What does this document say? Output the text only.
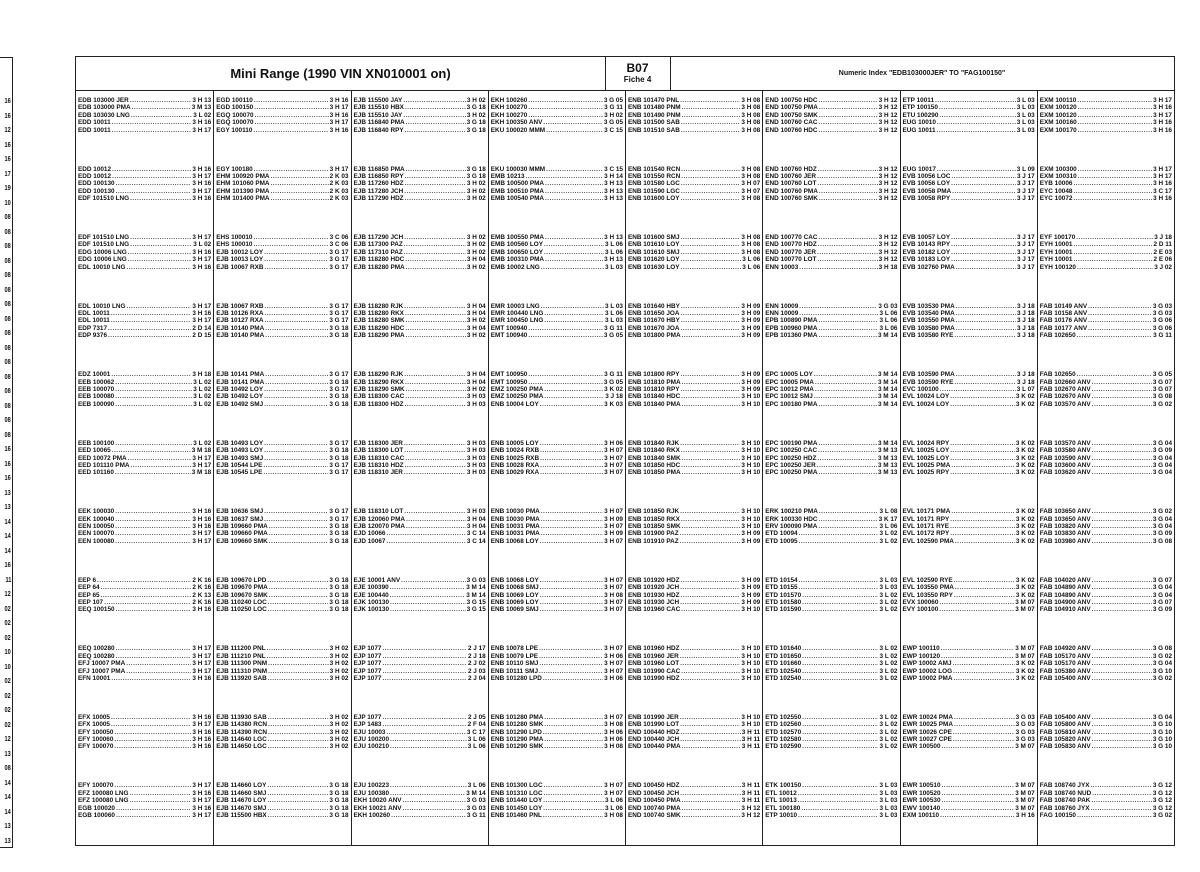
16
16
12
16
16
17
19
10
08
08
08
08
08
08
08
08
08
08
08
08
08
08
08
08
16
16
16
13
13
14
14
14
16
11
12
02
02
02
10
10
02
02
02
02
12
13
08
14
14
14
13
13
Mini Range (1990 VIN XN010001 on)	B07
Fiche 4
Numeric Index "EDB103000JER" TO "FAG100150"
EDB 103000 JER .....	3 H 13
EDB 103000 PMA .....	3 M 13
EDB 103030 LNG .....	3 L 02
EDD 10011 .....	3 H 16
EDD 10011 .....	3 H 17
EDD 10012 .....	3 H 16
EDD 10012 .....	3 H 17
EDD 100130 .....	3 H 16
EDD 100130 .....	3 H 17
EDF 101510 LNG .....	3 H 16
EDF 101510 LNG .....	3 H 17
EDF 101510 LNG .....	3 L 02
EDG 10006 LNG .....	3 H 16
EDG 10006 LNG .....	3 H 17
EDL 10010 LNG .....	3 H 16
EDL 10010 LNG .....	3 H 17
EDL 10011 .....	3 H 16
EDL 10011 .....	3 H 17
EDP 7317 .....	2 D 14
EDP 9376 .....	2 D 15
EDZ 10001 .....	3 H 18
EEB 100062 .....	3 L 02
EEB 100070 .....	3 L 02
EEB 100080 .....	3 L 02
EEB 100090 .....	3 L 02
EEB 100100 .....	3 L 02
EED 10065 .....	3 M 18
EED 10072 PMA .....	3 H 17
EED 101110 PMA .....	3 H 17
EED 101160 .....	3 M 18
EEK 100030 .....	3 H 16
EEK 100040 .....	3 H 16
EEN 100050 .....	3 H 16
EEN 100070 .....	3 H 17
EEN 100080 .....	3 H 17
EEP 6 .....	2 K 16
EEP 64 .....	2 K 16
EEP 65 .....	2 K 13
EEP 107 .....	2 K 16
EEQ 100150 .....	3 H 16
EEQ 100280 .....	3 H 17
EEQ 100280 .....	3 H 17
EFJ 10007 PMA .....	3 H 17
EFJ 10007 PMA .....	3 H 17
EFN 10001 .....	3 H 16
EFX 10005 .....	3 H 16
EFX 10005 .....	3 H 17
EFY 100050 .....	3 H 16
EFY 100060 .....	3 H 16
EFY 100070 .....	3 H 16
EFY 100070 .....	3 H 17
EFZ 100080 LNG .....	3 H 16
EFZ 100080 LNG .....	3 H 17
EGB 100020 .....	3 H 16
EGB 100060 .....	3 H 17
EGD 100110 .....	3 H 16
EGD 100150 .....	3 H 17
EGQ 100070 .....	3 H 16
EGQ 100070 .....	3 H 17
EGY 100110 .....	3 H 16
EGY 100180 .....	3 H 17
EHM 100920 PMA .....	2 K 03
EHM 101060 PMA .....	2 K 03
EHM 101390 PMA .....	2 K 03
EHM 101400 PMA .....	2 K 03
EHS 100010 .....	3 C 06
EHS 100010 .....	3 C 06
EJB 10012 LOY .....	3 G 17
EJB 10013 LOY .....	3 G 17
EJB 10067 RXB .....	3 G 17
EJB 10067 RXB .....	3 G 17
EJB 10126 RXA .....	3 G 17
EJB 10127 RXA .....	3 G 17
EJB 10140 PMA .....	3 G 18
EJB 10140 PMA .....	3 G 18
EJB 10141 PMA .....	3 G 17
EJB 10141 PMA .....	3 G 18
EJB 10492 LOY .....	3 G 17
EJB 10492 LOY .....	3 G 18
EJB 10492 SMJ .....	3 G 18
EJB 10493 LOY .....	3 G 17
EJB 10493 LOY .....	3 G 18
EJB 10493 SMJ .....	3 G 18
EJB 10544 LPE .....	3 G 17
EJB 10545 LPE .....	3 G 17
EJB 10636 SMJ .....	3 G 17
EJB 10637 SMJ .....	3 G 17
EJB 109660 PMA .....	3 G 18
EJB 109660 PMA .....	3 G 18
EJB 109660 SMK .....	3 G 18
EJB 109670 LPD .....	3 G 18
EJB 109670 PMA .....	3 G 18
EJB 109670 SMK .....	3 G 18
EJB 110240 LOC .....	3 G 18
EJB 110250 LOC .....	3 G 18
EJB 111200 PNL .....	3 H 02
EJB 111210 PNL .....	3 H 02
EJB 111300 PNM .....	3 H 02
EJB 111310 PNM .....	3 H 02
EJB 113920 SAB .....	3 H 02
EJB 113930 SAB .....	3 H 02
EJB 114380 RCN .....	3 H 02
EJB 114390 RCN .....	3 H 02
EJB 114640 LGC .....	3 H 02
EJB 114650 LGC .....	3 H 02
EJB 114660 LOY .....	3 G 18
EJB 114660 SMJ .....	3 G 18
EJB 114670 LOY .....	3 G 18
EJB 114670 SMJ .....	3 G 18
EJB 115500 HBX .....	3 G 18
EJB 115500 JAY .....	3 H 02
EJB 115510 HBX .....	3 G 18
EJB 115510 JAY .....	3 H 02
EJB 116840 PMA .....	3 G 18
EJB 116840 RPY .....	3 G 18
EJB 116850 PMA .....	3 G 18
EJB 116850 RPY .....	3 G 18
EJB 117260 HDZ .....	3 H 02
EJB 117280 JCH .....	3 H 02
EJB 117290 HDZ .....	3 H 02
EJB 117290 JCH .....	3 H 02
EJB 117300 PAZ .....	3 H 02
EJB 117310 PAZ .....	3 H 02
EJB 118280 HDC .....	3 H 04
EJB 118280 PMA .....	3 H 02
EJB 118280 RJK .....	3 H 04
EJB 118280 RKX .....	3 H 04
EJB 118280 SMK .....	3 H 02
EJB 118290 HDC .....	3 H 04
EJB 118290 PMA .....	3 H 02
EJB 118290 RJK .....	3 H 04
EJB 118290 RKX .....	3 H 04
EJB 118290 SMK .....	3 H 02
EJB 118300 CAC .....	3 H 03
EJB 118300 HDZ .....	3 H 03
EJB 118300 JER .....	3 H 03
EJB 118300 LOT .....	3 H 03
EJB 118310 CAC .....	3 H 03
EJB 118310 HDZ .....	3 H 03
EJB 118310 JER .....	3 H 03
EJB 118310 LOT .....	3 H 03
EJB 120060 PMA .....	3 H 04
EJB 120070 PMA .....	3 H 04
EJD 10066 .....	3 C 14
EJD 10067 .....	3 C 14
EJE 10001 ANV .....	3 G 03
EJE 100390 .....	3 M 14
EJE 100440 .....	3 M 14
EJK 100130 .....	3 G 15
EJK 100130 .....	3 G 15
EJP 1077 .....	2 J 17
EJP 1077 .....	2 J 18
EJP 1077 .....	2 J 02
EJP 1077 .....	2 J 03
EJP 1077 .....	2 J 04
EJP 1077 .....	2 J 05
EJP 1483 .....	2 F 04
EJU 10003 .....	3 C 17
EJU 100200 .....	3 L 06
EJU 100210 .....	3 L 06
EJU 100223 .....	3 L 06
EJU 100380 .....	3 M 14
EKH 10020 ANV .....	3 G 03
EKH 10021 ANV .....	3 G 03
EKH 100260 .....	3 G 11
EKH 100260 .....	3 G 05
EKH 100270 .....	3 G 11
EKH 100270 .....	3 H 02
EKH 100350 ANV .....	3 G 05
EKU 100020 MMM .....	3 C 15
EKU 100030 MMM .....	3 C 15
EMB 10213 .....	3 H 14
EMB 100500 PMA .....	3 H 13
EMB 100510 PMA .....	3 H 13
EMB 100540 PMA .....	3 H 13
EMB 100550 PMA .....	3 H 13
EMB 100560 LOY .....	3 L 06
EMB 100650 LOY .....	3 L 06
EMB 100310 PMA .....	3 H 13
EMB 10002 LNG .....	3 L 03
EMR 10003 LNG .....	3 L 03
EMR 100440 LNG .....	3 L 06
EMR 100450 LNG .....	3 L 03
EMT 100940 .....	3 G 11
EMT 100940 .....	3 G 05
EMT 100950 .....	3 G 11
EMT 100950 .....	3 G 05
EMZ 100250 PMA .....	3 K 02
EMZ 100250 PMA .....	3 J 18
ENB 10004 LOY .....	3 K 03
ENB 10005 LOY .....	3 H 06
ENB 10024 RXB .....	3 H 07
ENB 10025 RXB .....	3 H 07
ENB 10028 RXA .....	3 H 07
ENB 10029 RXA .....	3 H 07
ENB 10030 PMA .....	3 H 07
ENB 10030 PMA .....	3 H 09
ENB 10031 PMA .....	3 H 07
ENB 10031 PMA .....	3 H 09
ENB 10068 LOY .....	3 H 07
ENB 10068 LOY .....	3 H 07
ENB 10068 SMJ .....	3 H 07
ENB 10069 LOY .....	3 H 08
ENB 10069 LOY .....	3 H 07
ENB 10069 SMJ .....	3 H 07
ENB 10078 LPE .....	3 H 07
ENB 10079 LPE .....	3 H 06
ENB 10110 SMJ .....	3 H 07
ENB 10111 SMJ .....	3 H 07
ENB 101280 LPD .....	3 H 06
ENB 101280 PMA .....	3 H 07
ENB 101280 SMK .....	3 H 08
ENB 101290 LPD .....	3 H 06
ENB 101290 PMA .....	3 H 06
ENB 101290 SMK .....	3 H 08
ENB 101300 LGC .....	3 H 07
ENB 101310 LGC .....	3 H 07
ENB 101440 LOY .....	3 L 06
ENB 101450 LOY .....	3 L 06
ENB 101460 PNL .....	3 H 08
ENB 101470 PNL .....	3 H 08
ENB 101480 PNM .....	3 H 08
ENB 101490 PNM .....	3 H 08
ENB 101500 SAB .....	3 H 08
ENB 101510 SAB .....	3 H 08
ENB 101540 RCN .....	3 H 08
ENB 101550 RCN .....	3 H 08
ENB 101580 LGC .....	3 H 07
ENB 101590 LGC .....	3 H 07
ENB 101600 LOY .....	3 H 08
ENB 101600 SMJ .....	3 H 08
ENB 101610 LOY .....	3 H 08
ENB 101610 SMJ .....	3 H 08
ENB 101620 LOY .....	3 L 06
ENB 101630 LOY .....	3 L 06
ENB 101640 HBY .....	3 H 09
ENB 101650 JOA .....	3 H 09
ENB 101670 HBY .....	3 H 09
ENB 101670 JOA .....	3 H 09
ENB 101800 PMA .....	3 H 09
ENB 101800 RPY .....	3 H 09
ENB 101810 PMA .....	3 H 09
ENB 101810 RPY .....	3 H 09
ENB 101840 HDC .....	3 H 10
ENB 101840 PMA .....	3 H 10
ENB 101840 RJK .....	3 H 10
ENB 101840 RKX .....	3 H 10
ENB 101840 SMK .....	3 H 10
ENB 101850 HDC .....	3 H 10
ENB 101850 PMA .....	3 H 10
ENB 101850 RJK .....	3 H 10
ENB 101850 RKX .....	3 H 10
ENB 101850 SMK .....	3 H 10
ENB 101900 PAZ .....	3 H 09
ENB 101910 PAZ .....	3 H 09
ENB 101920 HDZ .....	3 H 09
ENB 101920 JCH .....	3 H 09
ENB 101930 HDZ .....	3 H 09
ENB 101930 JCH .....	3 H 09
ENB 101960 CAC .....	3 H 10
ENB 101960 HDZ .....	3 H 10
ENB 101960 JER .....	3 H 10
ENB 101960 LOT .....	3 H 10
ENB 101990 CAC .....	3 H 10
ENB 101990 HDZ .....	3 H 10
ENB 101990 JER .....	3 H 10
ENB 101990 LOT .....	3 H 10
END 100440 HDZ .....	3 H 11
END 100440 JCH .....	3 H 11
END 100440 PMA .....	3 H 11
END 100450 HDZ .....	3 H 11
END 100450 JCH .....	3 H 11
END 100450 PMA .....	3 H 11
END 100740 PMA .....	3 H 12
END 100740 SMK .....	3 H 12
END 100750 HDC .....	3 H 12
END 100750 PMA .....	3 H 12
END 100750 SMK .....	3 H 12
END 100760 CAC .....	3 H 12
END 100760 HDC .....	3 H 12
END 100760 HDZ .....	3 H 12
END 100760 JER .....	3 H 12
END 100760 LOT .....	3 H 12
END 100760 PMA .....	3 H 12
END 100760 SMK .....	3 H 12
END 100770 CAC .....	3 H 12
END 100770 HDZ .....	3 H 12
END 100770 JER .....	3 H 12
END 100770 LOT .....	3 H 12
ENN 10003 .....	3 H 18
ENN 10009 .....	3 G 03
ENN 10009 .....	3 L 06
EPB 100890 PMA .....	3 L 06
EPB 100960 PMA .....	3 L 06
EPB 101360 PMA .....	3 M 14
EPC 10005 LOY .....	3 M 14
EPC 10005 PMA .....	3 M 14
EPC 10012 PMA .....	3 M 14
EPC 10012 SMJ .....	3 M 14
EPC 100180 PMA .....	3 M 14
EPC 100190 PMA .....	3 M 14
EPC 100250 CAC .....	3 M 13
EPC 100250 HDZ .....	3 M 13
EPC 100250 JER .....	3 M 13
EPC 100250 PMA .....	3 M 13
ERK 100210 PMA .....	3 L 08
ERK 100330 HDC .....	3 K 17
ERV 100090 PMA .....	3 L 06
ETD 10094 .....	3 L 02
ETD 10095 .....	3 L 02
ETD 10154 .....	3 L 03
ETD 10155 .....	3 L 03
ETD 101570 .....	3 L 02
ETD 101580 .....	3 L 02
ETD 101590 .....	3 L 02
ETD 101640 .....	3 L 02
ETD 101650 .....	3 L 02
ETD 101660 .....	3 L 02
ETD 102540 .....	3 L 02
ETD 102540 .....	3 L 02
ETD 102550 .....	3 L 02
ETD 102560 .....	3 L 02
ETD 102570 .....	3 L 02
ETD 102580 .....	3 L 02
ETD 102590 .....	3 L 02
ETK 100150 .....	3 L 03
ETL 10012 .....	3 L 03
ETL 10013 .....	3 L 03
ETL 100180 .....	3 L 03
ETP 10010 .....	3 L 03
ETP 10011 .....	3 L 03
ETP 100150 .....	3 L 03
ETU 100290 .....	3 L 03
EUG 10010 .....	3 L 03
EUG 10011 .....	3 L 03
EUG 10017 .....	3 L 09
EVB 10056 LOC .....	3 J 17
EVB 10056 LOY .....	3 J 17
EVB 10058 PMA .....	3 J 17
EVB 10058 RPY .....	3 J 17
EVB 10057 LOY .....	3 J 17
EVB 10143 RPY .....	3 J 17
EVB 10182 LOY .....	3 J 17
EVB 10183 LOY .....	3 J 17
EVB 102760 PMA .....	3 J 17
EVB 103530 PMA .....	3 J 18
EVB 103540 PMA .....	3 J 18
EVB 103550 PMA .....	3 J 18
EVB 103580 PMA .....	3 J 18
EVB 103580 RYE .....	3 J 18
EVB 103590 PMA .....	3 J 18
EVB 103590 RYE .....	3 J 18
EVC 100100 .....	3 L 07
EVL 10024 LOY .....	3 K 02
EVL 10024 LOY .....	3 K 02
EVL 10024 RPY .....	3 K 02
EVL 10025 LOY .....	3 K 02
EVL 10025 LOY .....	3 K 02
EVL 10025 PMA .....	3 K 02
EVL 10025 RPY .....	3 K 02
EVL 10171 PMA .....	3 K 02
EVL 10171 RPY .....	3 K 02
EVL 10171 RYE .....	3 K 02
EVL 10172 RPY .....	3 K 02
EVL 102590 PMA .....	3 K 02
EVL 102590 RYE .....	3 K 02
EVL 103550 PMA .....	3 K 02
EVL 103550 RPY .....	3 K 02
EVX 100060 .....	3 M 07
EVY 100100 .....	3 M 07
EWP 100110 .....	3 M 07
EWP 100120 .....	3 M 07
EWP 10002 AMJ .....	3 K 02
EWP 10002 LOG .....	3 K 02
EWP 10002 PMA .....	3 K 02
EWR 10024 PMA .....	3 G 03
EWR 10025 PMA .....	3 G 03
EWR 10026 CPE .....	3 G 03
EWR 10027 CPE .....	3 G 03
EWR 100500 .....	3 M 07
EWR 100510 .....	3 M 07
EWR 100520 .....	3 M 07
EWR 100530 .....	3 M 07
EWV 100140 .....	3 M 07
EXM 100110 .....	3 H 16
EXM 100110 .....	3 H 17
EXM 100120 .....	3 H 16
EXM 100120 .....	3 H 17
EXM 100160 .....	3 H 16
EXM 100170 .....	3 H 16
EXM 100300 .....	3 H 17
EXM 100310 .....	3 H 17
EYB 10006 .....	3 H 16
EYC 10048 .....	3 C 17
EYC 10072 .....	3 H 16
EYF 100170 .....	3 J 18
EYH 10001 .....	2 D 11
EYH 10001 .....	2 E 03
EYH 10001 .....	2 E 06
EYH 100120 .....	3 J 02
FAB 10149 ANV .....	3 G 03
FAB 10158 ANV .....	3 G 03
FAB 10176 ANV .....	3 G 06
FAB 10177 ANV .....	3 G 06
FAB 102650 .....	3 G 11
FAB 102650 .....	3 G 05
FAB 102660 ANV .....	3 G 07
FAB 102670 ANV .....	3 G 07
FAB 102670 ANV .....	3 G 08
FAB 103570 ANV .....	3 G 02
FAB 103570 ANV .....	3 G 04
FAB 103580 ANV .....	3 G 09
FAB 103590 ANV .....	3 G 04
FAB 103600 ANV .....	3 G 04
FAB 103620 ANV .....	3 G 04
FAB 103650 ANV .....	3 G 02
FAB 103650 ANV .....	3 G 04
FAB 103820 ANV .....	3 G 04
FAB 103830 ANV .....	3 G 09
FAB 103980 ANV .....	3 G 08
FAB 104020 ANV .....	3 G 07
FAB 104890 ANV .....	3 G 04
FAB 104890 ANV .....	3 G 04
FAB 104900 ANV .....	3 G 07
FAB 104910 ANV .....	3 G 09
FAB 104920 ANV .....	3 G 08
FAB 105170 ANV .....	3 G 02
FAB 105170 ANV .....	3 G 04
FAB 105380 ANV .....	3 G 10
FAB 105400 ANV .....	3 G 02
FAB 105400 ANV .....	3 G 04
FAB 105800 ANV .....	3 G 10
FAB 105810 ANV .....	3 G 10
FAB 105820 ANV .....	3 G 10
FAB 105830 ANV .....	3 G 10
FAB 108740 JYX .....	3 G 12
FAB 108740 NUD .....	3 G 12
FAB 108740 PAK .....	3 G 12
FAB 108760 JYX .....	3 G 12
FAG 100150 .....	3 G 02
